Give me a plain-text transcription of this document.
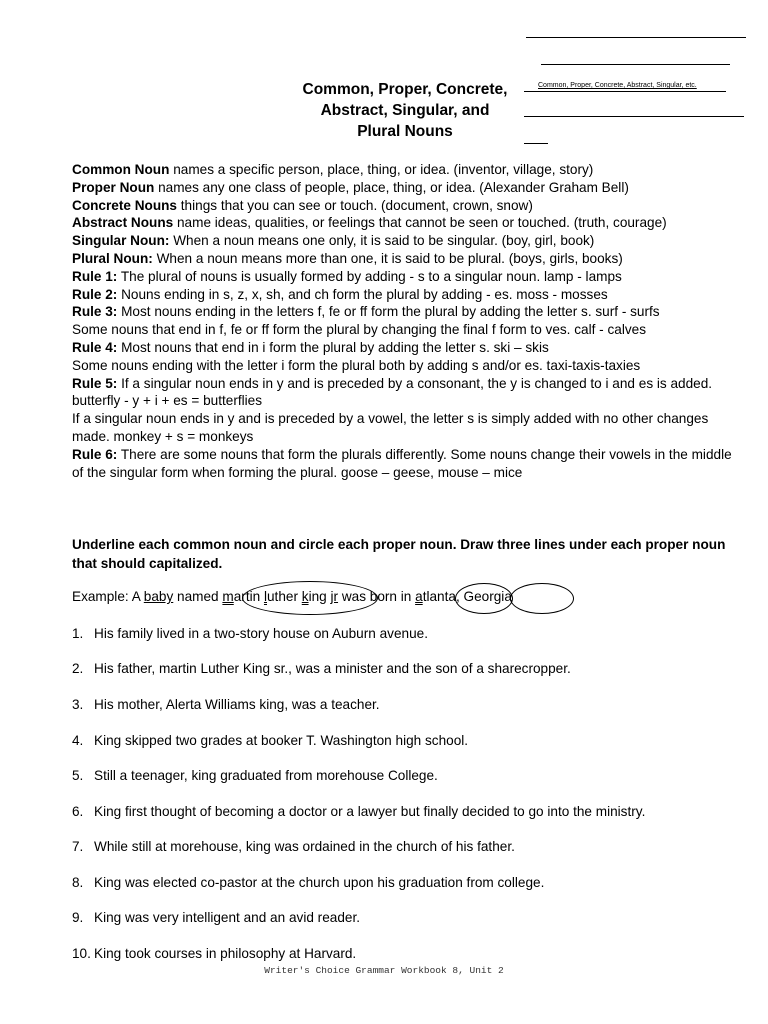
Common, Proper, Concrete, Abstract, Singular, etc.
Common, Proper, Concrete,
Abstract, Singular, and
Plural Nouns

Common Noun names a specific person, place, thing, or idea. (inventor, village, story)

Proper Noun names any one class of people, place, thing, or idea. (Alexander Graham Bell)

Concrete Nouns things that you can see or touch. (document, crown, snow)

Abstract Nouns name ideas, qualities, or feelings that cannot be seen or touched. (truth, courage)

Singular Noun: When a noun means one only, it is said to be singular. (boy, girl, book)

Plural Noun: When a noun means more than one, it is said to be plural. (boys, girls, books)

Rule 1: The plural of nouns is usually formed by adding - s to a singular noun. lamp - lamps

Rule 2: Nouns ending in s, z, x, sh, and ch form the plural by adding - es. moss - mosses

Rule 3: Most nouns ending in the letters f, fe or ff form the plural by adding the letter s. surf - surfs

Some nouns that end in f, fe or ff form the plural by changing the final f form to ves. calf - calves

Rule 4: Most nouns that end in i form the plural by adding the letter s. ski – skis

Some nouns ending with the letter i form the plural both by adding s and/or es. taxi-taxis-taxies

Rule 5: If a singular noun ends in y and is preceded by a consonant, the y is changed to i and es is added. butterfly - y + i + es = butterflies

If a singular noun ends in y and is preceded by a vowel, the letter s is simply added with no other changes made. monkey + s = monkeys

Rule 6: There are some nouns that form the plurals differently. Some nouns change their vowels in the middle of the singular form when forming the plural. goose – geese, mouse – mice

Underline each common noun and circle each proper noun. Draw three lines under each proper noun that should capitalized.
Example: A baby named martin luther king jr was born in atlanta, Georgia
1. His family lived in a two-story house on Auburn avenue.
2. His father, martin Luther King sr., was a minister and the son of a sharecropper.
3. His mother, Alerta Williams king, was a teacher.
4. King skipped two grades at booker T. Washington high school.
5. Still a teenager, king graduated from morehouse College.
6. King first thought of becoming a doctor or a lawyer but finally decided to go into the ministry.
7. While still at morehouse, king was ordained in the church of his father.
8. King was elected co-pastor at the church upon his graduation from college.
9. King was very intelligent and an avid reader.
10. King took courses in philosophy at Harvard.
Writer's Choice Grammar Workbook 8, Unit 2
